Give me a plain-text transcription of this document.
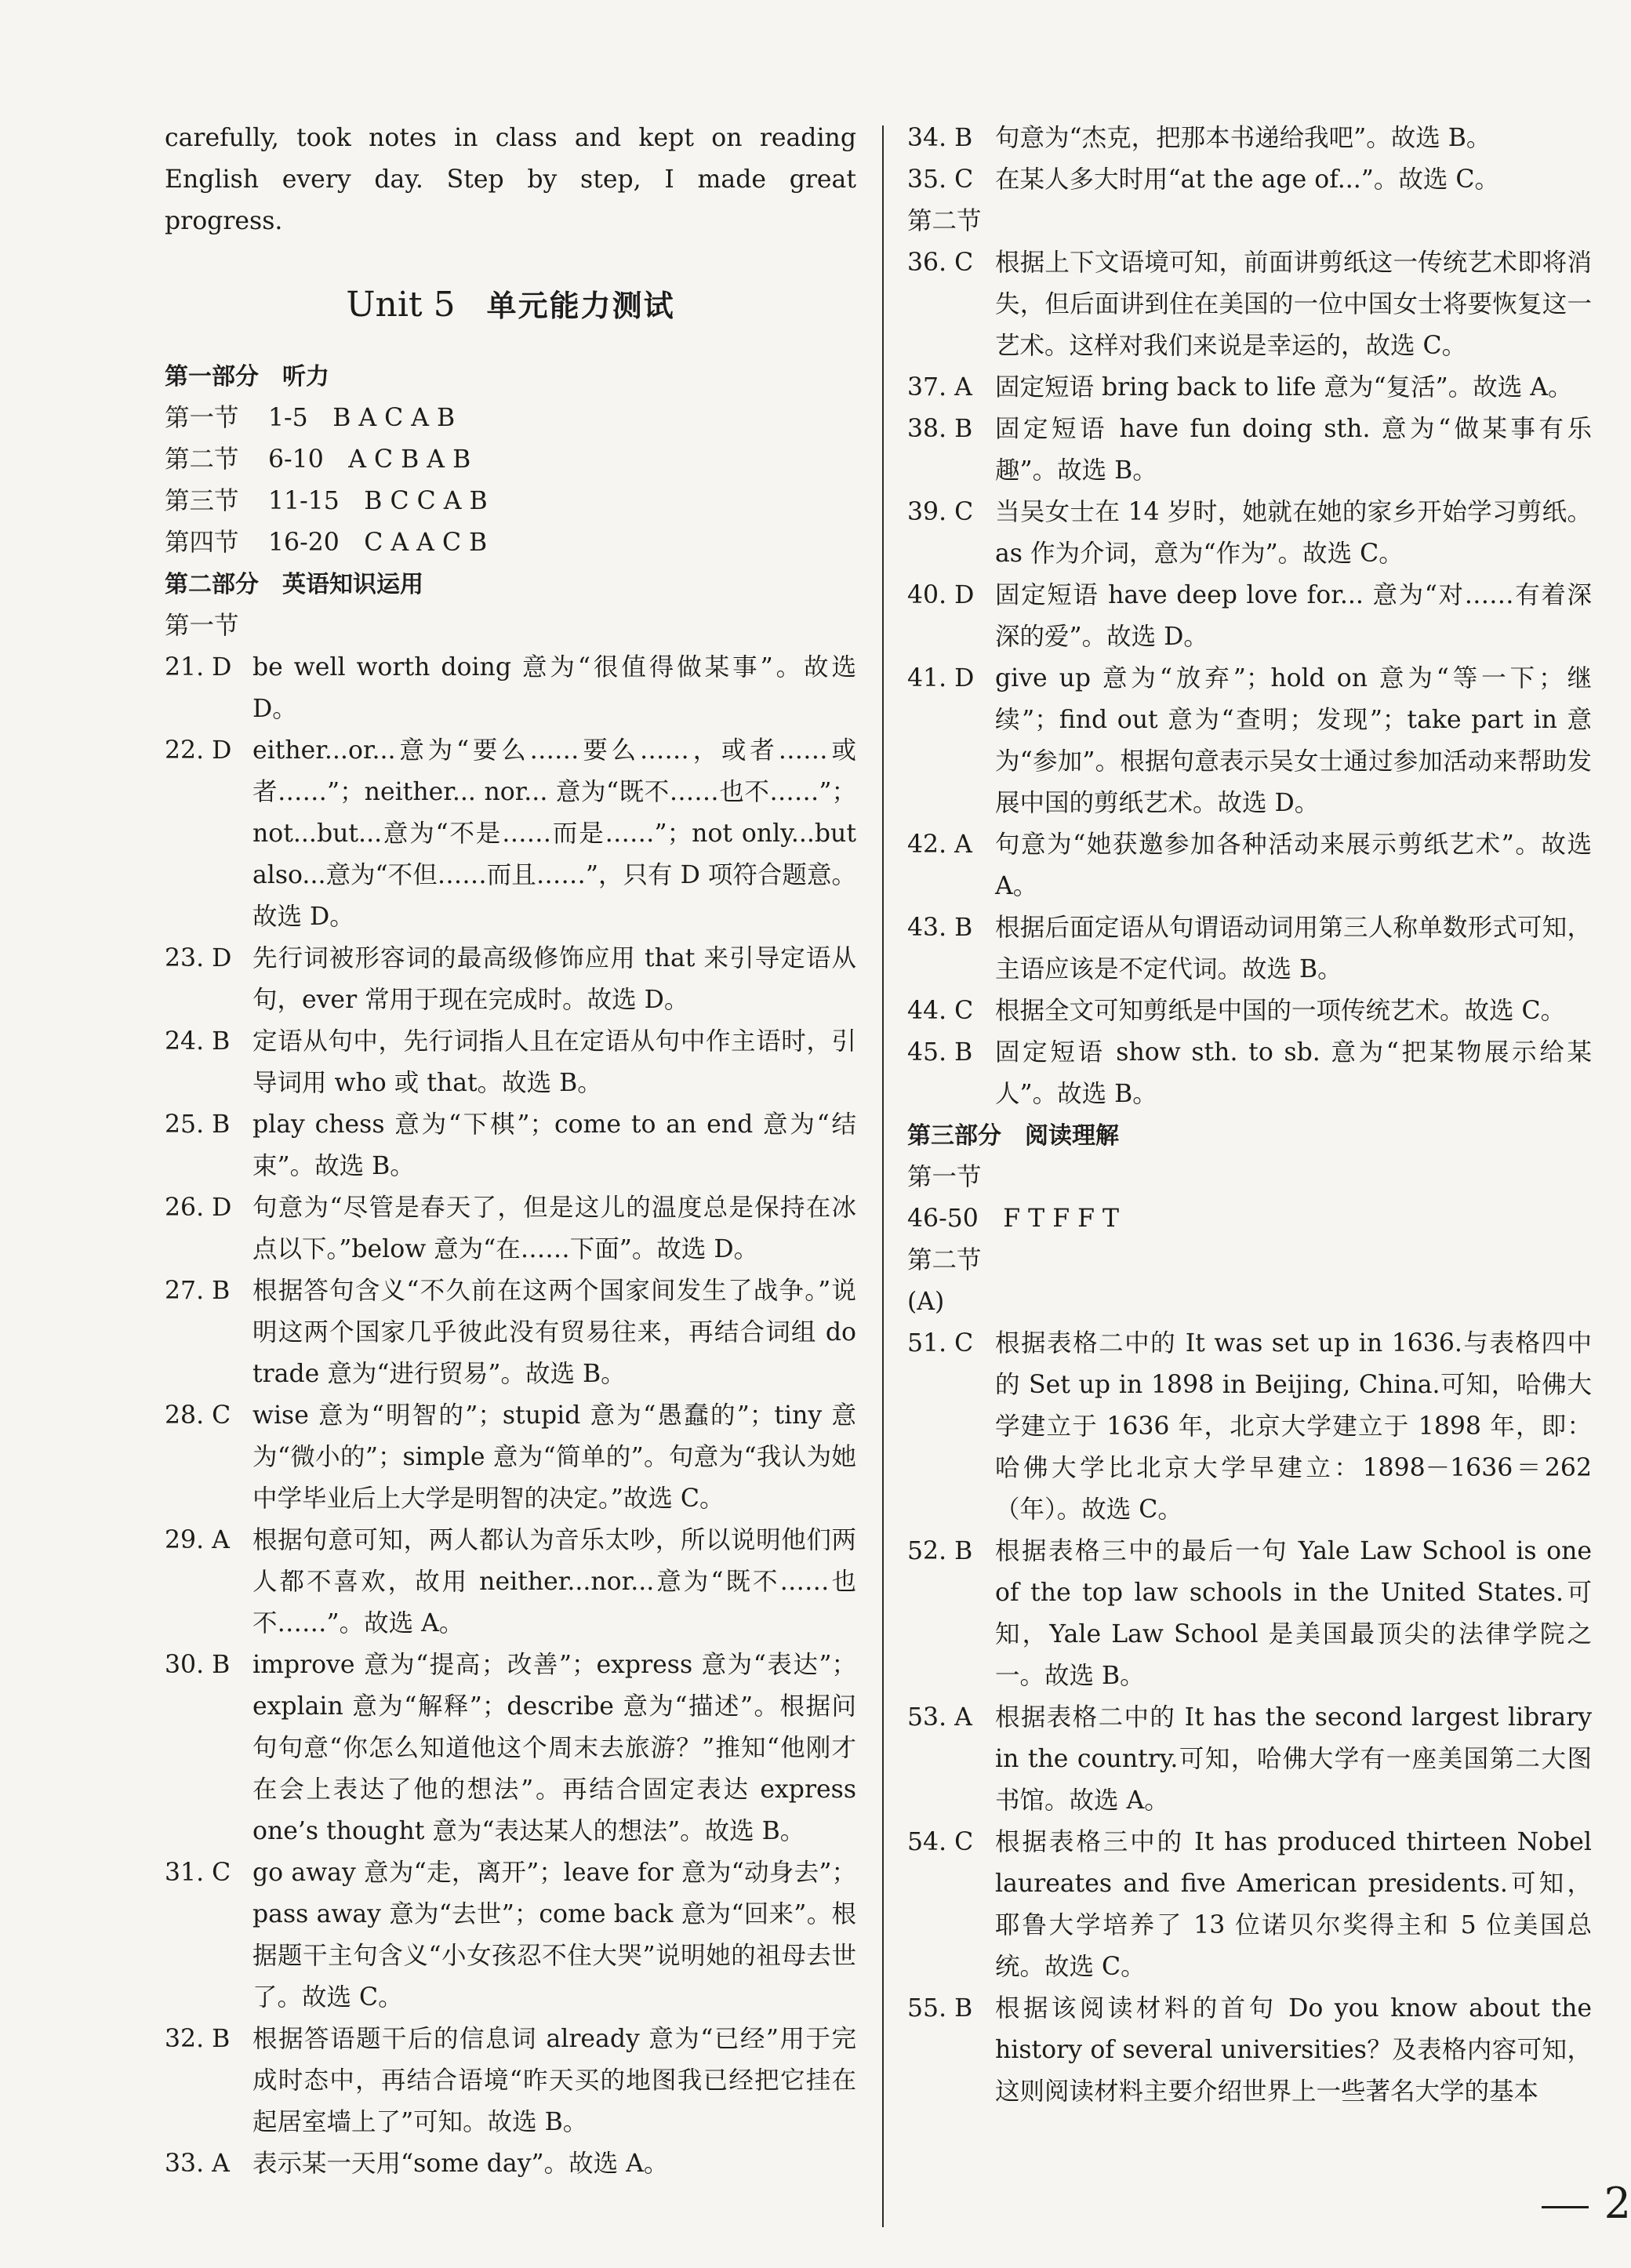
carefully, took notes in class and kept on reading English every day. Step by step, I made great progress.

Unit 5 单元能力测试

第一部分　听力

第一节 1-5　B A C A B

第二节 6-10　A C B A B

第三节 11-15　B C C A B

第四节 16-20　C A A C B

第二部分　英语知识运用

第一节

21. D be well worth doing 意为“很值得做某事”。故选 D。
22. D either...or...意为“要么……要么……，或者……或者……”；neither... nor... 意为“既不……也不……”；not...but...意为“不是……而是……”；not only...but also...意为“不但……而且……”，只有 D 项符合题意。故选 D。
23. D 先行词被形容词的最高级修饰应用 that 来引导定语从句，ever 常用于现在完成时。故选 D。
24. B 定语从句中，先行词指人且在定语从句中作主语时，引导词用 who 或 that。故选 B。
25. B play chess 意为“下棋”；come to an end 意为“结束”。故选 B。
26. D 句意为“尽管是春天了，但是这儿的温度总是保持在冰点以下。”below 意为“在……下面”。故选 D。
27. B 根据答句含义“不久前在这两个国家间发生了战争。”说明这两个国家几乎彼此没有贸易往来，再结合词组 do trade 意为“进行贸易”。故选 B。
28. C wise 意为“明智的”；stupid 意为“愚蠢的”；tiny 意为“微小的”；simple 意为“简单的”。句意为“我认为她中学毕业后上大学是明智的决定。”故选 C。
29. A 根据句意可知，两人都认为音乐太吵，所以说明他们两人都不喜欢，故用 neither...nor...意为“既不……也不……”。故选 A。
30. B improve 意为“提高；改善”；express 意为“表达”；explain 意为“解释”；describe 意为“描述”。根据问句句意“你怎么知道他这个周末去旅游？”推知“他刚才在会上表达了他的想法”。再结合固定表达 express one’s thought 意为“表达某人的想法”。故选 B。
31. C go away 意为“走，离开”；leave for 意为“动身去”；pass away 意为“去世”；come back 意为“回来”。根据题干主句含义“小女孩忍不住大哭”说明她的祖母去世了。故选 C。
32. B 根据答语题干后的信息词 already 意为“已经”用于完成时态中，再结合语境“昨天买的地图我已经把它挂在起居室墙上了”可知。故选 B。
33. A 表示某一天用“some day”。故选 A。
34. B 句意为“杰克，把那本书递给我吧”。故选 B。
35. C 在某人多大时用“at the age of...”。故选 C。

第二节

36. C 根据上下文语境可知，前面讲剪纸这一传统艺术即将消失，但后面讲到住在美国的一位中国女士将要恢复这一艺术。这样对我们来说是幸运的，故选 C。
37. A 固定短语 bring back to life 意为“复活”。故选 A。
38. B 固定短语 have fun doing sth. 意为“做某事有乐趣”。故选 B。
39. C 当吴女士在 14 岁时，她就在她的家乡开始学习剪纸。as 作为介词，意为“作为”。故选 C。
40. D 固定短语 have deep love for... 意为“对……有着深深的爱”。故选 D。
41. D give up 意为“放弃”；hold on 意为“等一下；继续”；find out 意为“查明；发现”；take part in 意为“参加”。根据句意表示吴女士通过参加活动来帮助发展中国的剪纸艺术。故选 D。
42. A 句意为“她获邀参加各种活动来展示剪纸艺术”。故选 A。
43. B 根据后面定语从句谓语动词用第三人称单数形式可知，主语应该是不定代词。故选 B。
44. C 根据全文可知剪纸是中国的一项传统艺术。故选 C。
45. B 固定短语 show sth. to sb. 意为“把某物展示给某人”。故选 B。

第三部分　阅读理解

第一节

46-50　F T F F T

第二节

(A)

51. C 根据表格二中的 It was set up in 1636.与表格四中的 Set up in 1898 in Beijing, China.可知，哈佛大学建立于 1636 年，北京大学建立于 1898 年，即：哈佛大学比北京大学早建立：1898－1636＝262（年）。故选 C。
52. B 根据表格三中的最后一句 Yale Law School is one of the top law schools in the United States.可知，Yale Law School 是美国最顶尖的法律学院之一。故选 B。
53. A 根据表格二中的 It has the second largest library in the country.可知，哈佛大学有一座美国第二大图书馆。故选 A。
54. C 根据表格三中的 It has produced thirteen Nobel laureates and five American presidents.可知，耶鲁大学培养了 13 位诺贝尔奖得主和 5 位美国总统。故选 C。
55. B 根据该阅读材料的首句 Do you know about the history of several universities？及表格内容可知，这则阅读材料主要介绍世界上一些著名大学的基本
2
